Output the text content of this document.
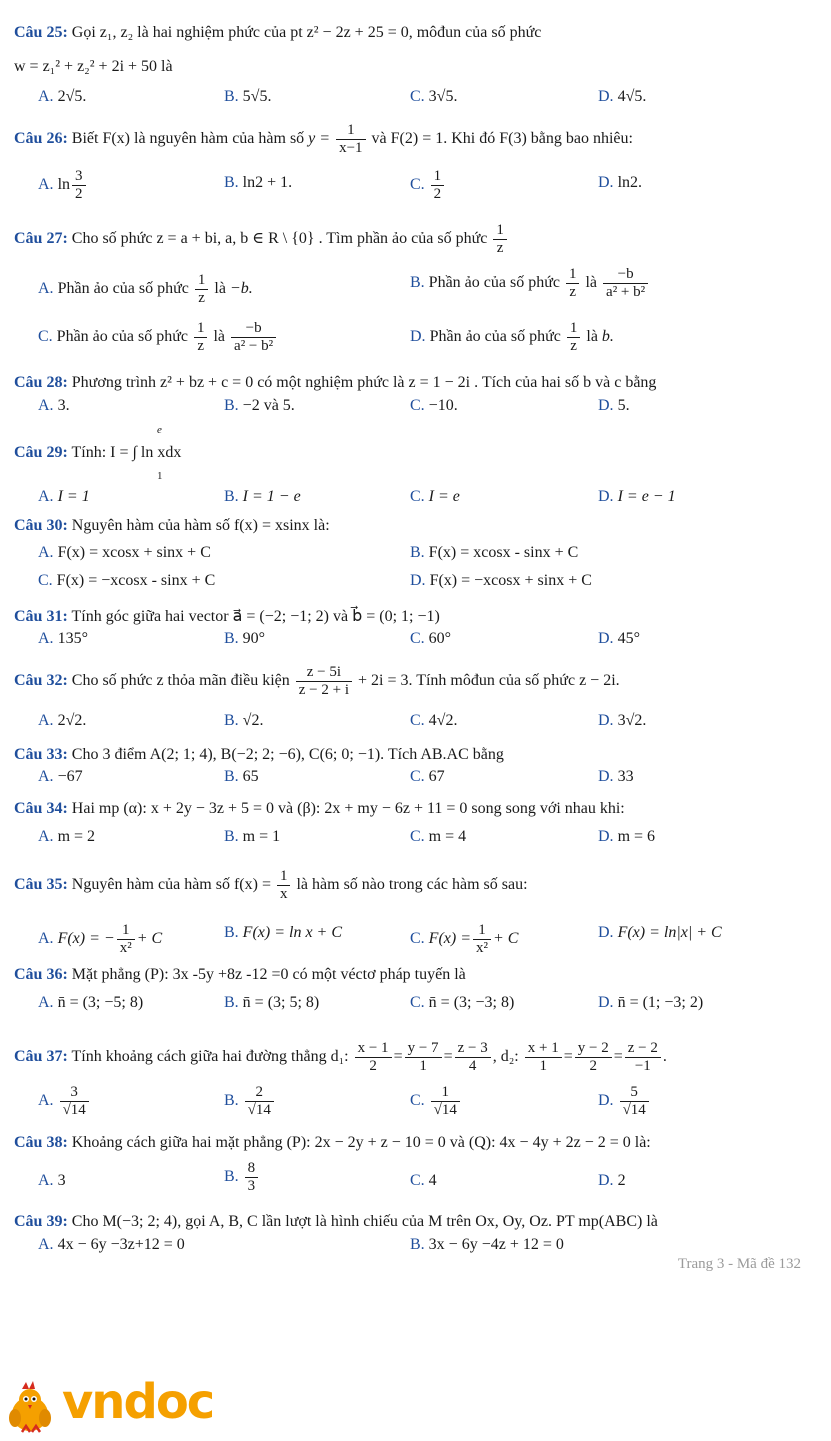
Câu 25: Gọi z₁, z₂ là hai nghiệm phức của pt z² − 2z + 25 = 0, môđun của số phức
w = z₁² + z₂² + 2i + 50 là
A. 2√5.	B. 5√5.	C. 3√5.	D. 4√5.
Câu 26: Biết F(x) là nguyên hàm của hàm số $y = \frac{1}{x-1}$ và F(2) = 1. Khi đó F(3) bằng bao nhiêu:
A. $\ln \frac{3}{2}$	B. ln2 + 1.	C. $\frac{1}{2}$	D. ln2.
Câu 27: Cho số phức z = a + bi, a, b ∈ R \ {0} . Tìm phần ảo của số phức $\frac{1}{z}$
A. Phần ảo của số phức $\frac{1}{z}$ là −b.	B. Phần ảo của số phức $\frac{1}{z}$ là $\frac{-b}{\text{a² + b²}}$
C. Phần ảo của số phức $\frac{1}{z}$ là $\frac{-b}{\text{a² − b²}}$	D. Phần ảo của số phức $\frac{1}{z}$ là b.
Câu 28: Phương trình z² + bz + c = 0 có một nghiệm phức là z = 1 − 2i . Tích của hai số b và c bằng
A. 3.	B. −2 và 5.	C. −10.	D. 5.
Câu 29: Tính: I = ∫ ln xdx
e
1
A. I = 1	B. I = 1 − e	C. I = e	D. I = e − 1
Câu 30: Nguyên hàm của hàm số f(x) = xsinx là:
A. F(x) = xcosx + sinx + C	B. F(x) = xcosx - sinx + C
C. F(x) = −xcosx - sinx + C	D. F(x) = −xcosx + sinx + C
Câu 31: Tính góc giữa hai vector a⃗ = (−2; −1; 2) và b⃗ = (0; 1; −1)
A. 135°	B. 90°	C. 60°	D. 45°
Câu 32: Cho số phức z thỏa mãn điều kiện $\frac{z - 5i}{z - 2 + i} + 2i = 3$. Tính môđun của số phức z − 2i.
A. 2√2.	B. √2.	C. 4√2.	D. 3√2.
Câu 33: Cho 3 điểm A(2; 1; 4), B(−2; 2; −6), C(6; 0; −1). Tích AB.AC bằng
A. −67	B. 65	C. 67	D. 33
Câu 34: Hai mp (α): x + 2y − 3z + 5 = 0 và (β): 2x + my − 6z + 11 = 0 song song với nhau khi:
A. m = 2	B. m = 1	C. m = 4	D. m = 6
Câu 35: Nguyên hàm của hàm số $f(x) = \frac{1}{x}$ là hàm số nào trong các hàm số sau:
A. F(x) = − $\frac{1}{\text{x²}} + C$	B. F(x) = ln x + C	C. $F(x) = \frac{1}{\text{x²}} + C$	D. F(x) = ln|x| + C
Câu 36: Mặt phẳng (P): 3x -5y +8z -12 =0 có một véctơ pháp tuyến là
A. n̄ = (3; −5; 8)	B. n̄ = (3; 5; 8)	C. n̄ = (3; −3; 8)	D. n̄ = (1; −3; 2)
Câu 37: Tính khoảng cách giữa hai đường thẳng d₁: $\frac{x - 1}{2} = \frac{y - 7}{1} = \frac{z - 3}{4}$ , d₂: $\frac{x + 1}{1} = \frac{y - 2}{2} = \frac{z - 2}{-1}$ .
A. $\frac{3}{√14}$	B. $\frac{2}{√14}$	C. $\frac{1}{√14}$	D. $\frac{5}{√14}$
Câu 38: Khoảng cách giữa hai mặt phẳng (P): 2x − 2y + z − 10 = 0 và (Q): 4x − 4y + 2z − 2 = 0 là:
A. 3	B. $\frac{8}{3}$	C. 4	D. 2
Câu 39: Cho M(−3; 2; 4), gọi A, B, C lần lượt là hình chiếu của M trên Ox, Oy, Oz. PT mp(ABC) là
A. 4x − 6y −3z+12 = 0	B. 3x − 6y −4z + 12 = 0
Trang 3 - Mã đề 132
vndoc
